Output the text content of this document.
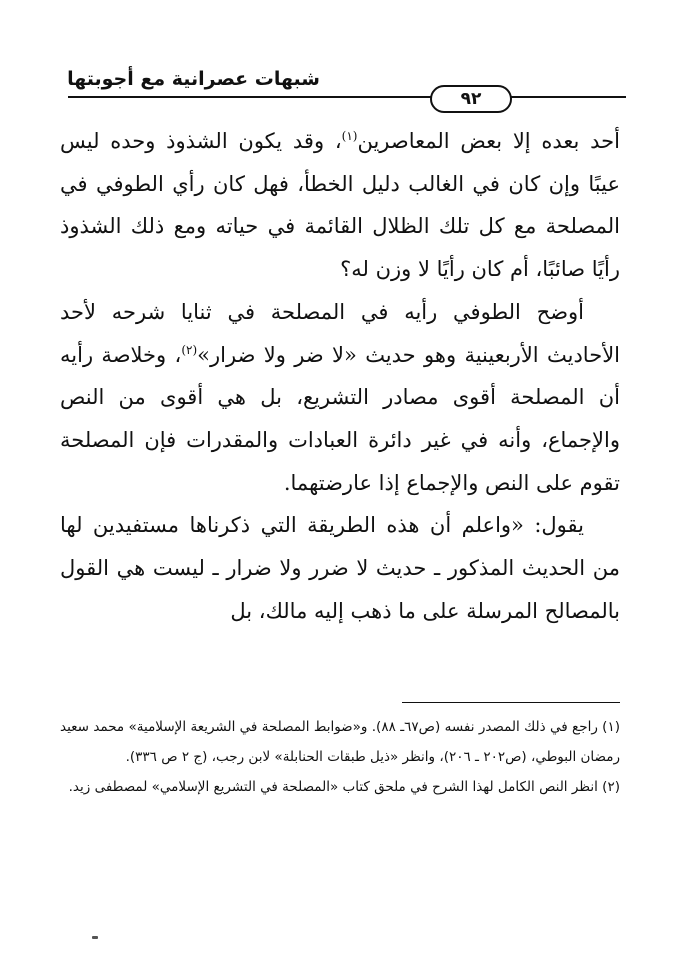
شبهات عصرانية مع أجوبتها
٩٢

أحد بعده إلا بعض المعاصرين$^{(١)}$، وقد يكون الشذوذ وحده ليس عيبًا وإن كان في الغالب دليل الخطأ، فهل كان رأي الطوفي في المصلحة مع كل تلك الظلال القائمة في حياته ومع ذلك الشذوذ رأيًا صائبًا، أم كان رأيًا لا وزن له؟

أوضح الطوفي رأيه في المصلحة في ثنايا شرحه لأحد الأحاديث الأربعينية وهو حديث «لا ضر ولا ضرار»$^{(٢)}$، وخلاصة رأيه أن المصلحة أقوى مصادر التشريع، بل هي أقوى من النص والإجماع، وأنه في غير دائرة العبادات والمقدرات فإن المصلحة تقوم على النص والإجماع إذا عارضتهما.

يقول: «واعلم أن هذه الطريقة التي ذكرناها مستفيدين لها من الحديث المذكور ـ حديث لا ضرر ولا ضرار ـ ليست هي القول بالمصالح المرسلة على ما ذهب إليه مالك، بل

(١) راجع في ذلك المصدر نفسه (ص٦٧ـ ٨٨). و«ضوابط المصلحة في الشريعة الإسلامية» محمد سعيد رمضان البوطي، (ص٢٠٢ ـ ٢٠٦)، وانظر «ذيل طبقات الحنابلة» لابن رجب، (ج ٢ ص ٣٣٦).

(٢) انظر النص الكامل لهذا الشرح في ملحق كتاب «المصلحة في التشريع الإسلامي» لمصطفى زيد.
